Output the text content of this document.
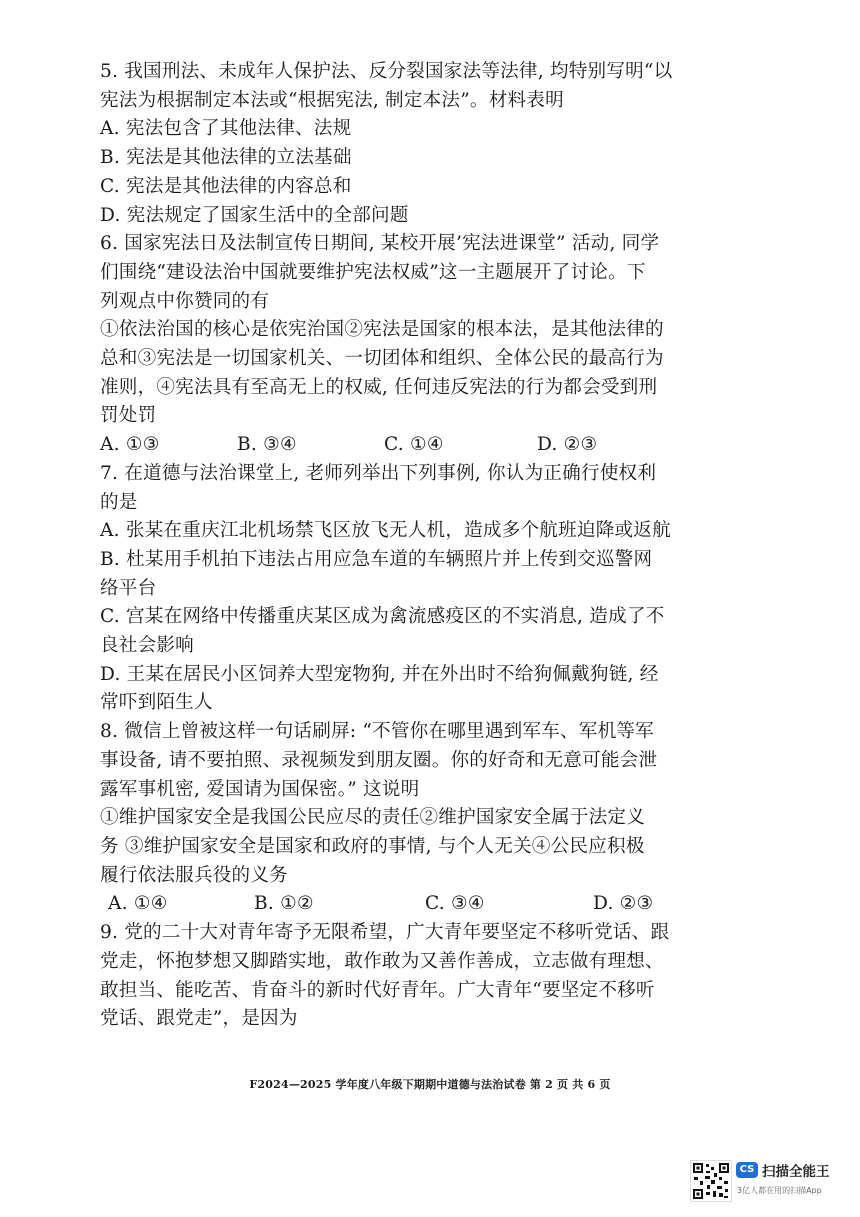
5. 我国刑法、未成年人保护法、反分裂国家法等法律, 均特别写明“以
宪法为根据制定本法或“根据宪法, 制定本法”。材料表明
A. 宪法包含了其他法律、法规
B. 宪法是其他法律的立法基础
C. 宪法是其他法律的内容总和
D. 宪法规定了国家生活中的全部问题
6. 国家宪法日及法制宣传日期间, 某校开展’宪法进课堂” 活动, 同学
们围绕“建设法治中国就要维护宪法权威”这一主题展开了讨论。下
列观点中你赞同的有
①依法治国的核心是依宪治国②宪法是国家的根本法，是其他法律的
总和③宪法是一切国家机关、一切团体和组织、全体公民的最高行为
准则，④宪法具有至高无上的权威, 任何违反宪法的行为都会受到刑
罚处罚
A. ①③	B. ③④	C. ①④	D. ②③
7. 在道德与法治课堂上, 老师列举出下列事例, 你认为正确行使权利
的是
A. 张某在重庆江北机场禁飞区放飞无人机，造成多个航班迫降或返航
B. 杜某用手机拍下违法占用应急车道的车辆照片并上传到交巡警网
络平台
C. 宫某在网络中传播重庆某区成为禽流感疫区的不实消息, 造成了不
良社会影响
D. 王某在居民小区饲养大型宠物狗, 并在外出时不给狗佩戴狗链, 经
常吓到陌生人
8. 微信上曾被这样一句话刷屏: “不管你在哪里遇到军车、军机等军
事设备, 请不要拍照、录视频发到朋友圈。你的好奇和无意可能会泄
露军事机密, 爱国请为国保密。” 这说明
①维护国家安全是我国公民应尽的责任②维护国家安全属于法定义
务 ③维护国家安全是国家和政府的事情, 与个人无关④公民应积极
履行依法服兵役的义务
A. ①④	B. ①②	C. ③④	D. ②③
9. 党的二十大对青年寄予无限希望，广大青年要坚定不移听党话、跟
党走，怀抱梦想又脚踏实地，敢作敢为又善作善成，立志做有理想、
敢担当、能吃苦、肯奋斗的新时代好青年。广大青年“要坚定不移听
党话、跟党走”，是因为
F2024—2025 学年度八年级下期期中道德与法治试卷 第 2 页 共 6 页
CS 扫描全能王
3亿人都在用的扫描App
